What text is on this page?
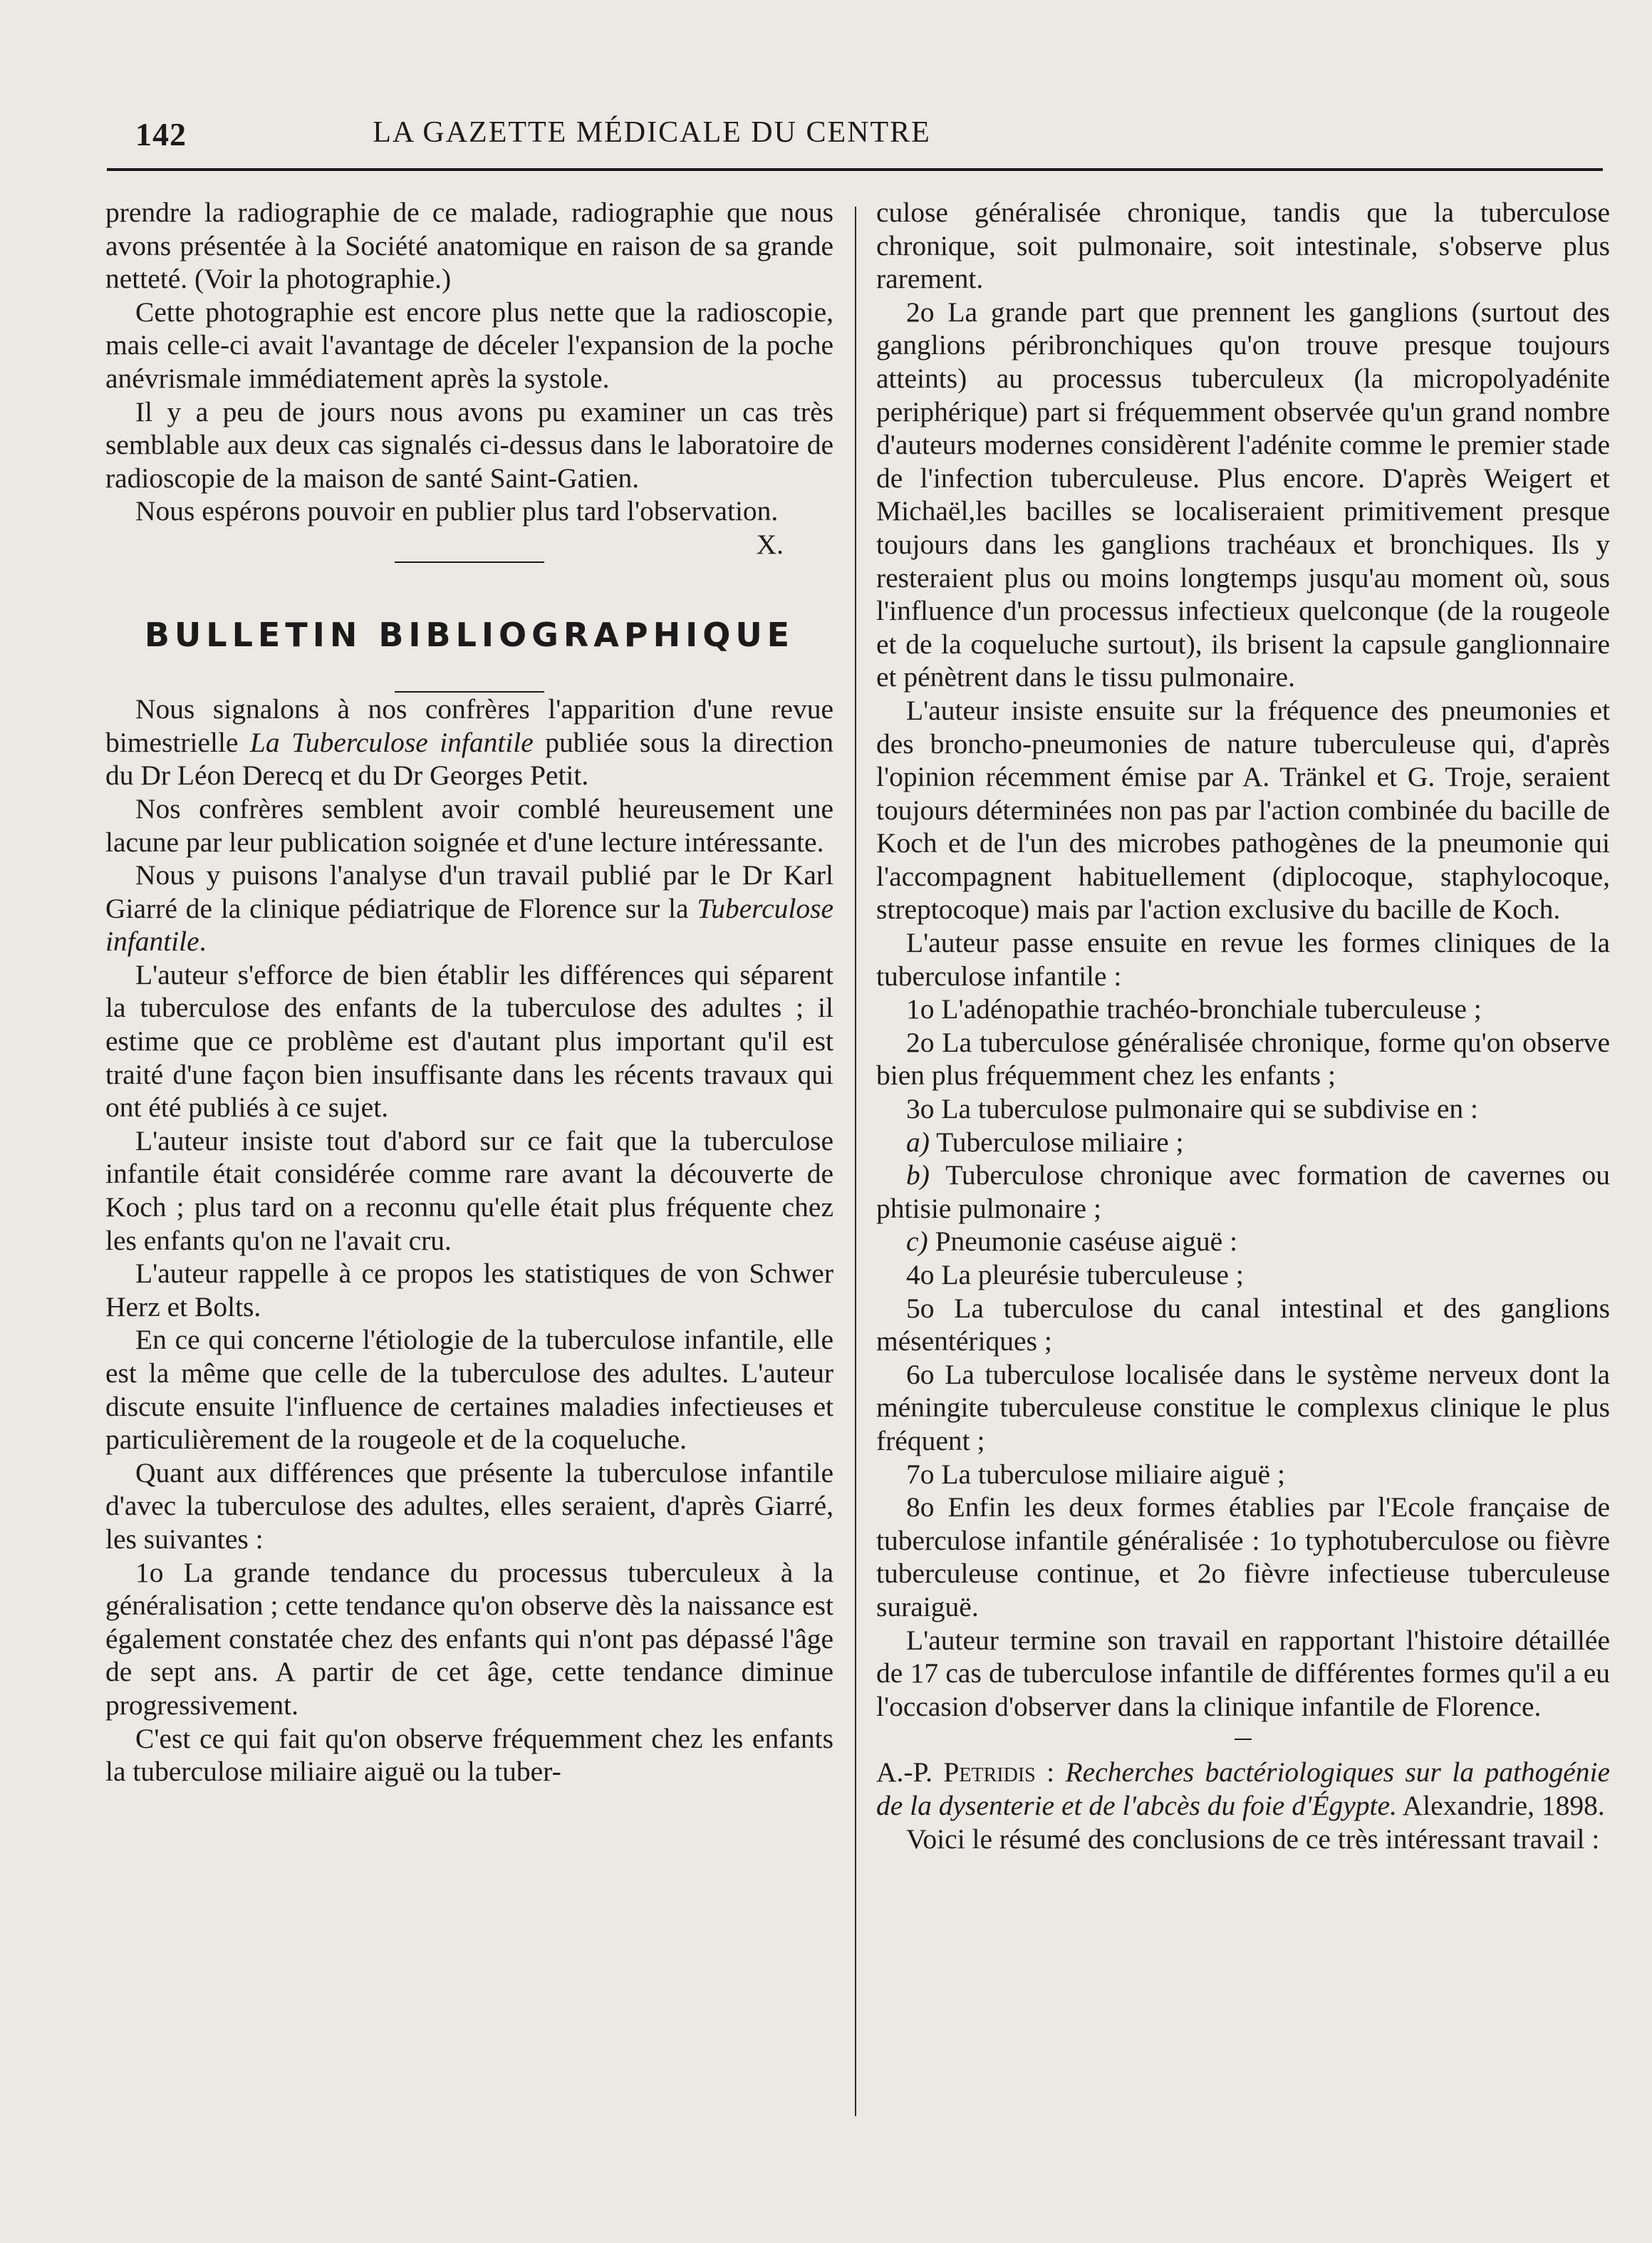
142	LA GAZETTE MÉDICALE DU CENTRE

prendre la radiographie de ce malade, radiographie que nous avons présentée à la Société anatomique en raison de sa grande netteté. (Voir la photographie.)

Cette photographie est encore plus nette que la radioscopie, mais celle-ci avait l'avantage de déceler l'expansion de la poche anévrismale immédiatement après la systole.

Il y a peu de jours nous avons pu examiner un cas très semblable aux deux cas signalés ci-dessus dans le laboratoire de radioscopie de la maison de santé Saint-Gatien.

Nous espérons pouvoir en publier plus tard l'observation.

X.

BULLETIN BIBLIOGRAPHIQUE

Nous signalons à nos confrères l'apparition d'une revue bimestrielle La Tuberculose infantile publiée sous la direction du Dr Léon Derecq et du Dr Georges Petit.

Nos confrères semblent avoir comblé heureusement une lacune par leur publication soignée et d'une lecture intéressante.

Nous y puisons l'analyse d'un travail publié par le Dr Karl Giarré de la clinique pédiatrique de Florence sur la Tuberculose infantile.

L'auteur s'efforce de bien établir les différences qui séparent la tuberculose des enfants de la tuberculose des adultes ; il estime que ce problème est d'autant plus important qu'il est traité d'une façon bien insuffisante dans les récents travaux qui ont été publiés à ce sujet.

L'auteur insiste tout d'abord sur ce fait que la tuberculose infantile était considérée comme rare avant la découverte de Koch ; plus tard on a reconnu qu'elle était plus fréquente chez les enfants qu'on ne l'avait cru.

L'auteur rappelle à ce propos les statistiques de von Schwer Herz et Bolts.

En ce qui concerne l'étiologie de la tuberculose infantile, elle est la même que celle de la tuberculose des adultes. L'auteur discute ensuite l'influence de certaines maladies infectieuses et particulièrement de la rougeole et de la coqueluche.

Quant aux différences que présente la tuberculose infantile d'avec la tuberculose des adultes, elles seraient, d'après Giarré, les suivantes :

1o La grande tendance du processus tuberculeux à la généralisation ; cette tendance qu'on observe dès la naissance est également constatée chez des enfants qui n'ont pas dépassé l'âge de sept ans. A partir de cet âge, cette tendance diminue progressivement.

C'est ce qui fait qu'on observe fréquemment chez les enfants la tuberculose miliaire aiguë ou la tuber-

culose généralisée chronique, tandis que la tuberculose chronique, soit pulmonaire, soit intestinale, s'observe plus rarement.

2o La grande part que prennent les ganglions (surtout des ganglions péribronchiques qu'on trouve presque toujours atteints) au processus tuberculeux (la micropolyadénite periphérique) part si fréquemment observée qu'un grand nombre d'auteurs modernes considèrent l'adénite comme le premier stade de l'infection tuberculeuse. Plus encore. D'après Weigert et Michaël,les bacilles se localiseraient primitivement presque toujours dans les ganglions trachéaux et bronchiques. Ils y resteraient plus ou moins longtemps jusqu'au moment où, sous l'influence d'un processus infectieux quelconque (de la rougeole et de la coqueluche surtout), ils brisent la capsule ganglionnaire et pénètrent dans le tissu pulmonaire.

L'auteur insiste ensuite sur la fréquence des pneumonies et des broncho-pneumonies de nature tuberculeuse qui, d'après l'opinion récemment émise par A. Tränkel et G. Troje, seraient toujours déterminées non pas par l'action combinée du bacille de Koch et de l'un des microbes pathogènes de la pneumonie qui l'accompagnent habituellement (diplocoque, staphylocoque, streptocoque) mais par l'action exclusive du bacille de Koch.

L'auteur passe ensuite en revue les formes cliniques de la tuberculose infantile :

1o L'adénopathie trachéo-bronchiale tuberculeuse ;

2o La tuberculose généralisée chronique, forme qu'on observe bien plus fréquemment chez les enfants ;

3o La tuberculose pulmonaire qui se subdivise en :

a) Tuberculose miliaire ;

b) Tuberculose chronique avec formation de cavernes ou phtisie pulmonaire ;

c) Pneumonie caséuse aiguë :

4o La pleurésie tuberculeuse ;

5o La tuberculose du canal intestinal et des ganglions mésentériques ;

6o La tuberculose localisée dans le système nerveux dont la méningite tuberculeuse constitue le complexus clinique le plus fréquent ;

7o La tuberculose miliaire aiguë ;

8o Enfin les deux formes établies par l'Ecole française de tuberculose infantile généralisée : 1o typhotuberculose ou fièvre tuberculeuse continue, et 2o fièvre infectieuse tuberculeuse suraiguë.

L'auteur termine son travail en rapportant l'histoire détaillée de 17 cas de tuberculose infantile de différentes formes qu'il a eu l'occasion d'observer dans la clinique infantile de Florence.

A.-P. Petridis : Recherches bactériologiques sur la pathogénie de la dysenterie et de l'abcès du foie d'Égypte. Alexandrie, 1898.

Voici le résumé des conclusions de ce très intéressant travail :
